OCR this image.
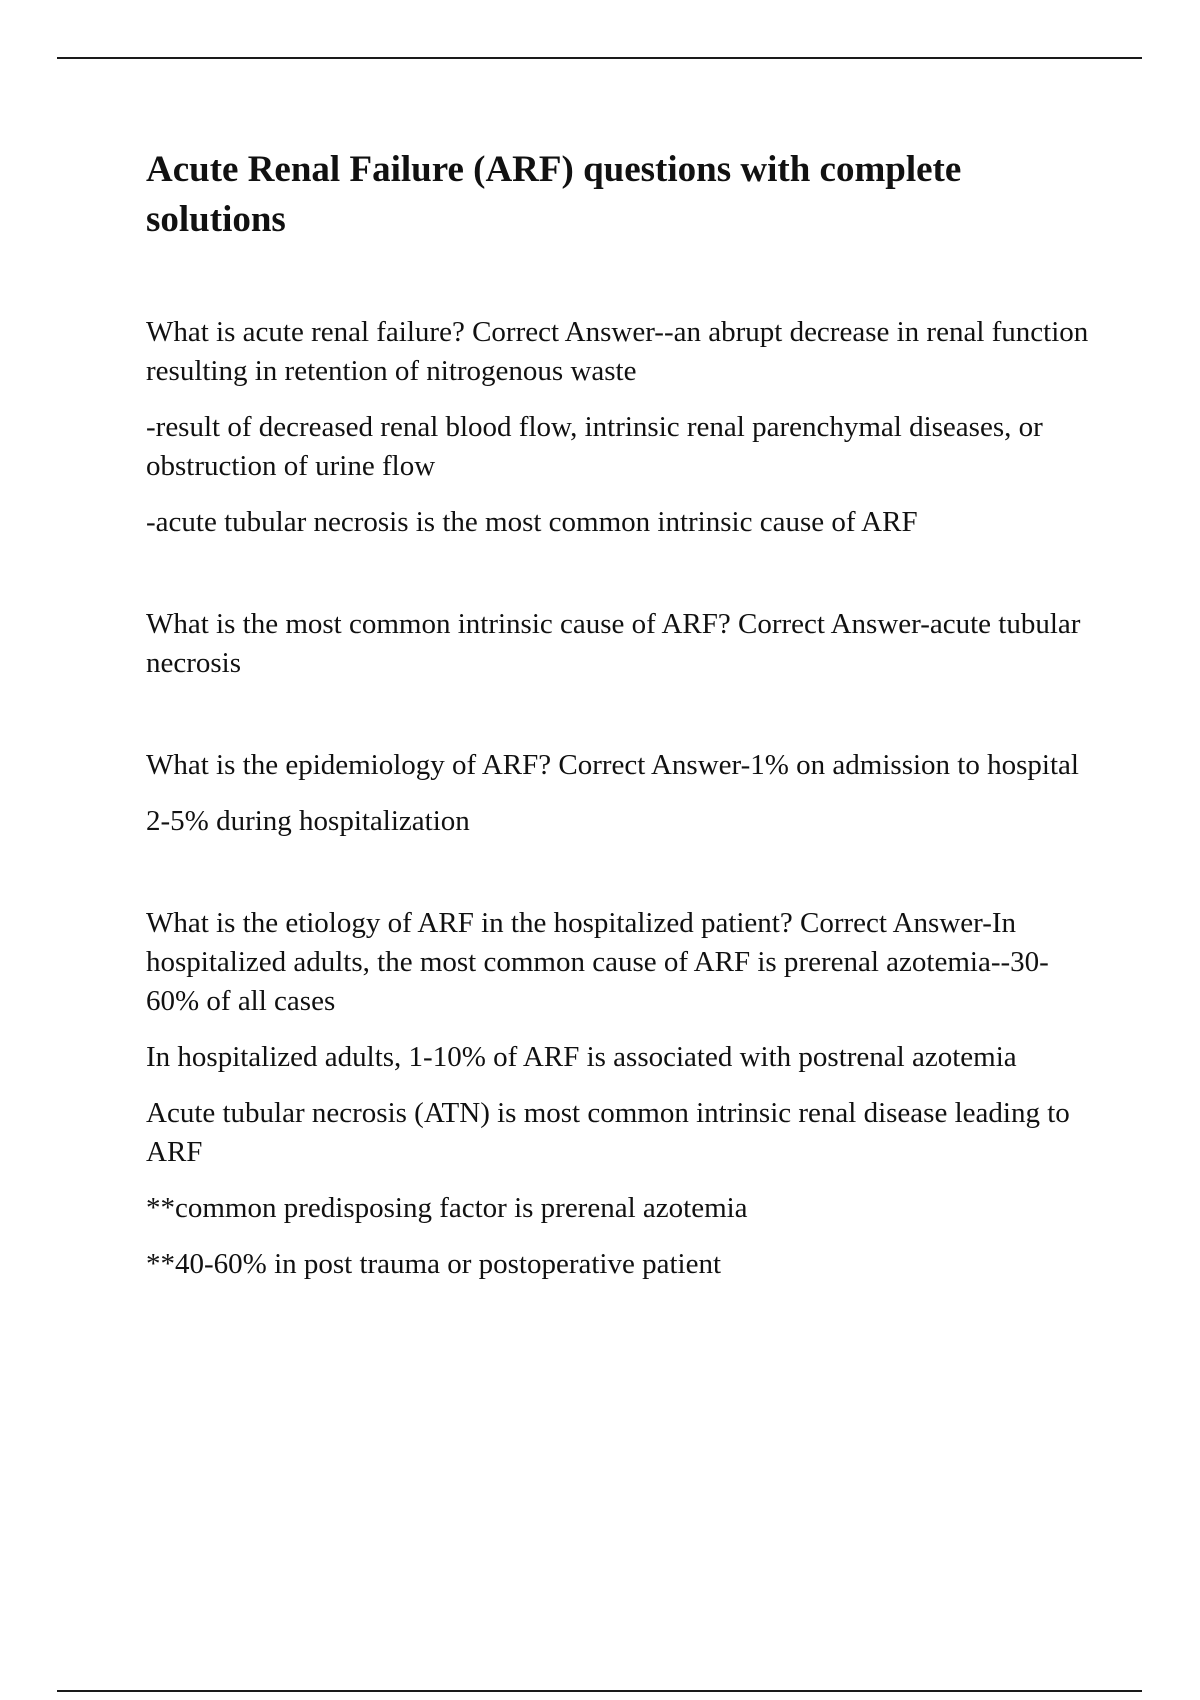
Acute Renal Failure (ARF) questions with complete solutions

What is acute renal failure? Correct Answer--an abrupt decrease in renal function resulting in retention of nitrogenous waste

-result of decreased renal blood flow, intrinsic renal parenchymal diseases, or obstruction of urine flow

-acute tubular necrosis is the most common intrinsic cause of ARF

What is the most common intrinsic cause of ARF? Correct Answer-acute tubular necrosis

What is the epidemiology of ARF? Correct Answer-1% on admission to hospital

2-5% during hospitalization

What is the etiology of ARF in the hospitalized patient? Correct Answer-In hospitalized adults, the most common cause of ARF is prerenal azotemia--30-60% of all cases

In hospitalized adults, 1-10% of ARF is associated with postrenal azotemia

Acute tubular necrosis (ATN) is most common intrinsic renal disease leading to ARF

**common predisposing factor is prerenal azotemia

**40-60% in post trauma or postoperative patient
